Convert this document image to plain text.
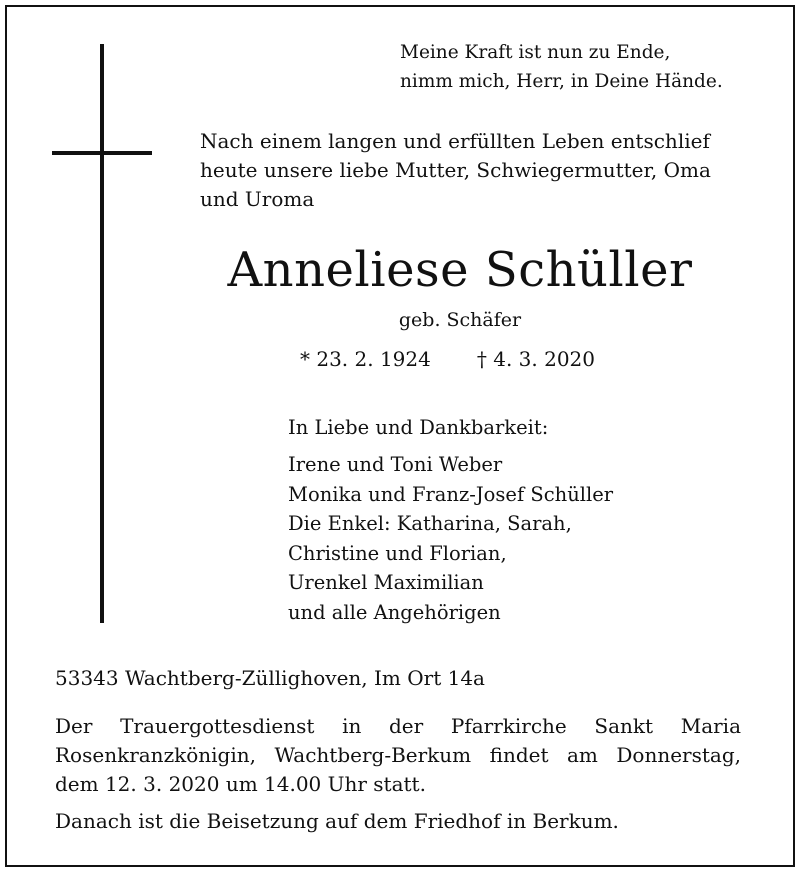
Meine Kraft ist nun zu Ende,
nimm mich, Herr, in Deine Hände.
Nach einem langen und erfüllten Leben entschlief
heute unsere liebe Mutter, Schwiegermutter, Oma
und Uroma
Anneliese Schüller
geb. Schäfer
* 23. 2. 1924 † 4. 3. 2020
In Liebe und Dankbarkeit:
Irene und Toni Weber
Monika und Franz-Josef Schüller
Die Enkel: Katharina, Sarah,
Christine und Florian,
Urenkel Maximilian
und alle Angehörigen
53343 Wachtberg-Züllighoven, Im Ort 14a
Der Trauergottesdienst in der Pfarrkirche Sankt Maria
Rosenkranzkönigin, Wachtberg-Berkum findet am Donnerstag,
dem 12. 3. 2020 um 14.00 Uhr statt.
Danach ist die Beisetzung auf dem Friedhof in Berkum.
